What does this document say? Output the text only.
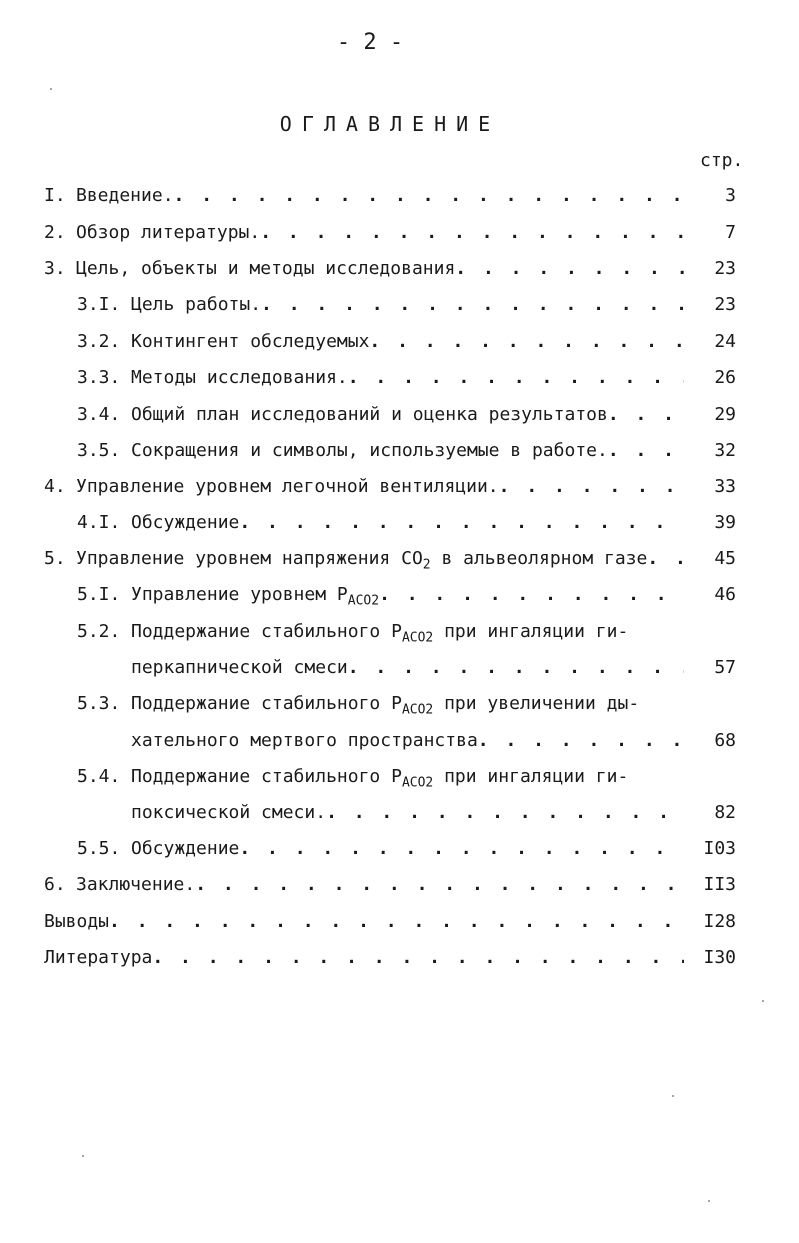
- 2 -
ОГЛАВЛЕНИЕ
стр.
I. Введение. . . .	3
2. Обзор литературы. . . .	7
3. Цель, объекты и методы исследования . . .	23
3.I. Цель работы. . . .	23
3.2. Контингент обследуемых . . .	24
3.3. Методы исследования. . . .	26
3.4. Общий план исследований и оценка результатов . . .	29
3.5. Сокращения и символы, используемые в работе. . . .	32
4. Управление уровнем легочной вентиляции. . . .	33
4.I. Обсуждение . . .	39
5. Управление уровнем напряжения $CO_2$ в альвеолярном газе . . .	45
5.I. Управление уровнем $P_{ACO2}$ . . .	46
5.2. Поддержание стабильного $P_{ACO2}$ при ингаляции ги-
перкапнической смеси . . .	57
5.3. Поддержание стабильного $P_{ACO2}$ при увеличении ды-
хательного мертвого пространства . . .	68
5.4. Поддержание стабильного $P_{ACO2}$ при ингаляции ги-
поксической смеси. . . .	82
5.5. Обсуждение . . .	I03
6. Заключение. . . .	II3
Выводы . . .	I28
Литература . . .	I30
